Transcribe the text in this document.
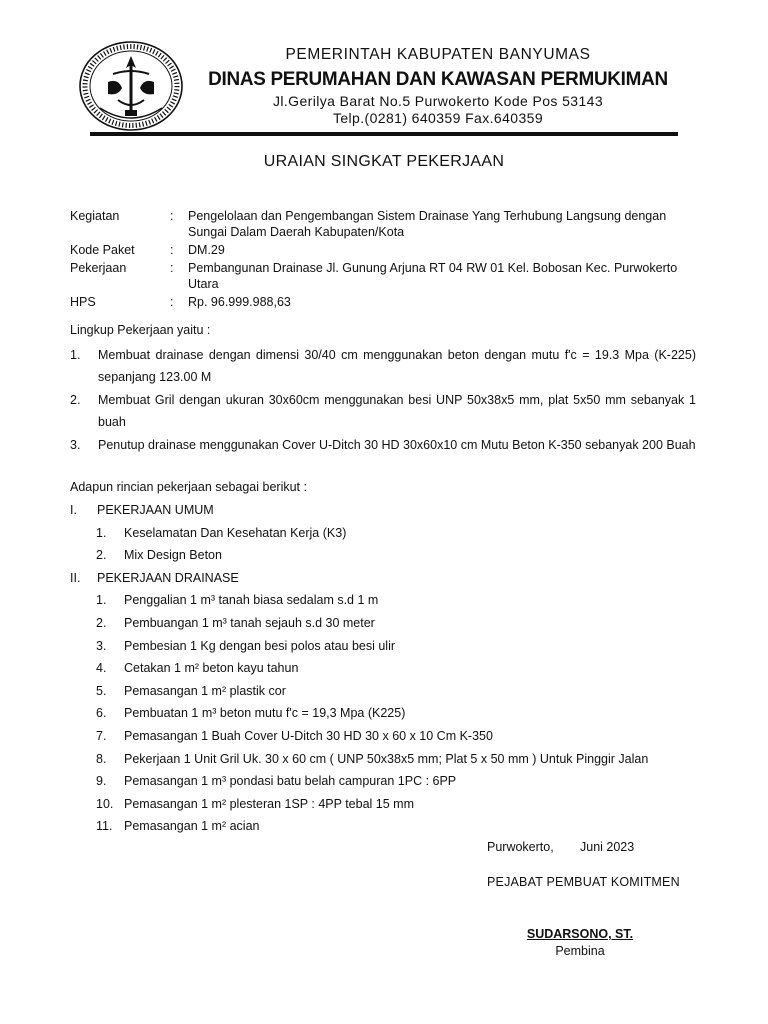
PEMERINTAH KABUPATEN BANYUMAS
DINAS PERUMAHAN DAN KAWASAN PERMUKIMAN
Jl.Gerilya Barat No.5 Purwokerto Kode Pos 53143
Telp.(0281) 640359 Fax.640359
URAIAN SINGKAT PEKERJAAN
Kegiatan	:	Pengelolaan dan Pengembangan Sistem Drainase Yang Terhubung Langsung dengan Sungai Dalam Daerah Kabupaten/Kota
Kode Paket	:	DM.29
Pekerjaan	:	Pembangunan Drainase Jl. Gunung Arjuna RT 04 RW 01 Kel. Bobosan Kec. Purwokerto Utara
HPS	:	Rp. 96.999.988,63
Lingkup Pekerjaan yaitu :
1.	Membuat drainase dengan dimensi 30/40 cm menggunakan beton dengan mutu f'c = 19.3 Mpa (K-225) sepanjang 123.00 M
2.	Membuat Gril dengan ukuran 30x60cm menggunakan besi UNP 50x38x5 mm, plat 5x50 mm sebanyak 1 buah
3.	Penutup drainase menggunakan Cover U-Ditch 30 HD 30x60x10 cm Mutu Beton K-350 sebanyak 200 Buah
Adapun rincian pekerjaan sebagai berikut :
I.	PEKERJAAN UMUM
1.	Keselamatan Dan Kesehatan Kerja (K3)
2.	Mix Design Beton
II.	PEKERJAAN DRAINASE
1.	Penggalian 1 m³ tanah biasa sedalam s.d 1 m
2.	Pembuangan 1 m³ tanah sejauh s.d 30 meter
3.	Pembesian 1 Kg dengan besi polos atau besi ulir
4.	Cetakan 1 m² beton kayu tahun
5.	Pemasangan 1 m² plastik cor
6.	Pembuatan 1 m³ beton mutu f'c = 19,3 Mpa (K225)
7.	Pemasangan 1 Buah Cover U-Ditch 30 HD 30 x 60 x 10 Cm K-350
8.	Pekerjaan 1 Unit Gril Uk. 30 x 60 cm ( UNP 50x38x5 mm; Plat 5 x 50 mm ) Untuk Pinggir Jalan
9.	Pemasangan 1 m³ pondasi batu belah campuran 1PC : 6PP
10. Pemasangan 1 m² plesteran 1SP : 4PP tebal 15 mm
11. Pemasangan 1 m² acian
Purwokerto, Juni 2023
PEJABAT PEMBUAT KOMITMEN
SUDARSONO, ST.
Pembina
